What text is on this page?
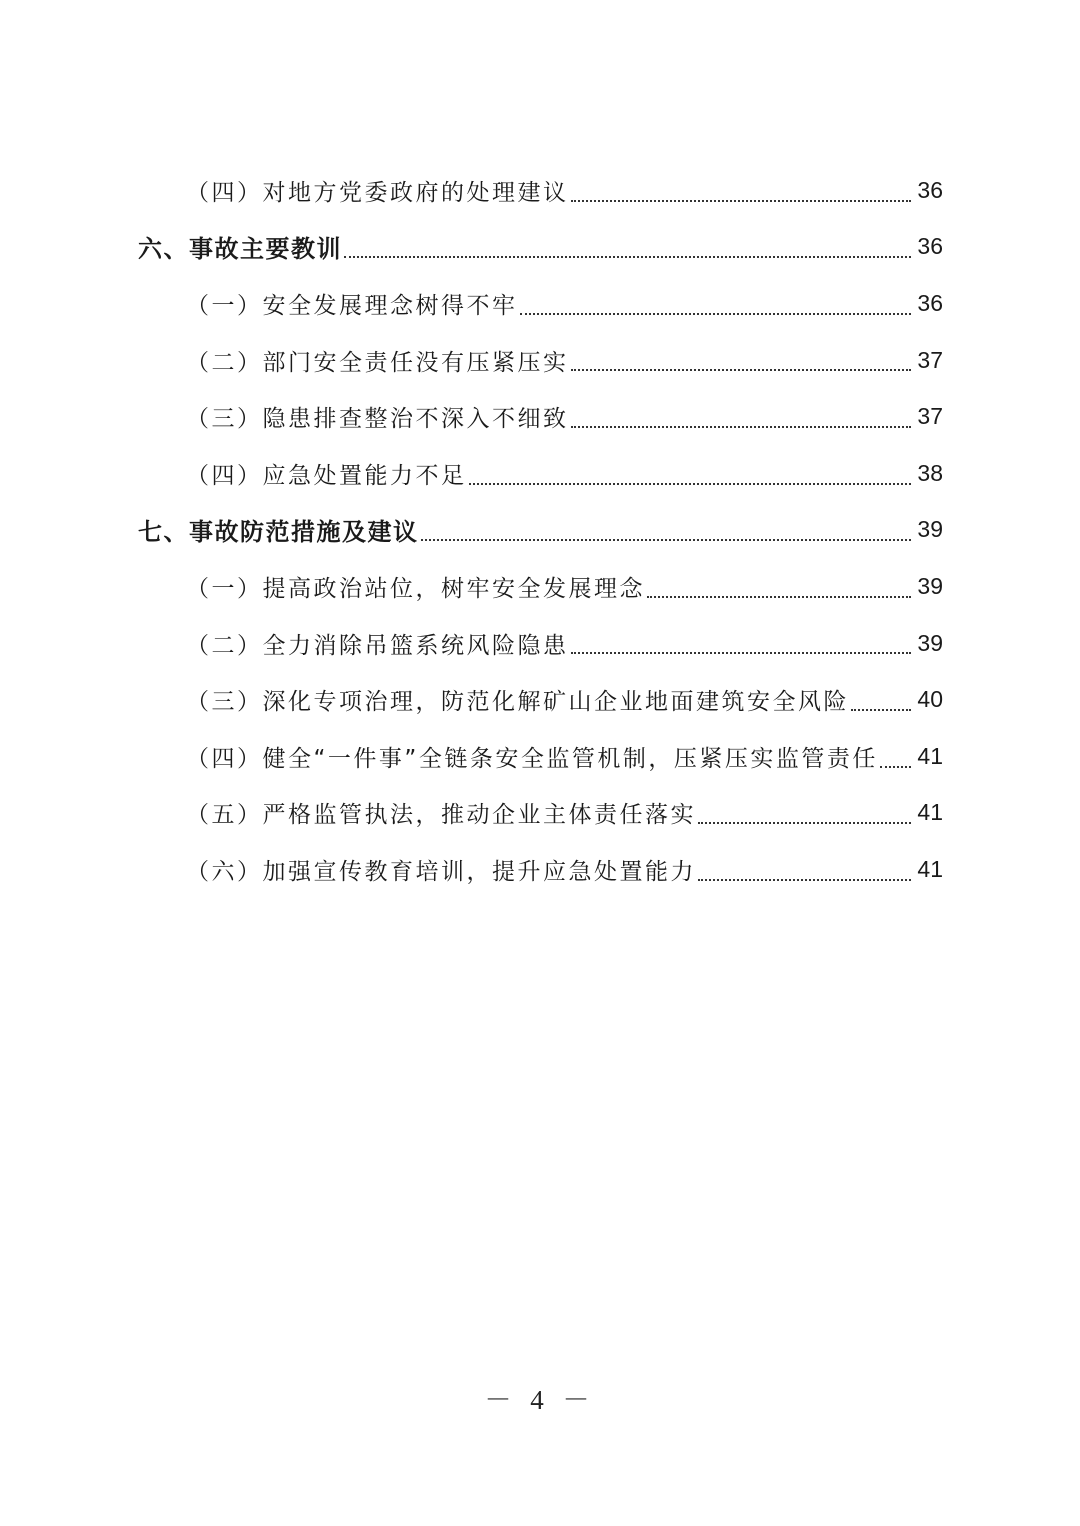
（四）对地方党委政府的处理建议	36
六、事故主要教训	36
（一）安全发展理念树得不牢	36
（二）部门安全责任没有压紧压实	37
（三）隐患排查整治不深入不细致	37
（四）应急处置能力不足	38
七、事故防范措施及建议	39
（一）提高政治站位，树牢安全发展理念	39
（二）全力消除吊篮系统风险隐患	39
（三）深化专项治理，防范化解矿山企业地面建筑安全风险	40
（四）健全“一件事”全链条安全监管机制，压紧压实监管责任 41
（五）严格监管执法，推动企业主体责任落实	41
（六）加强宣传教育培训，提升应急处置能力	41
－ 4 －
